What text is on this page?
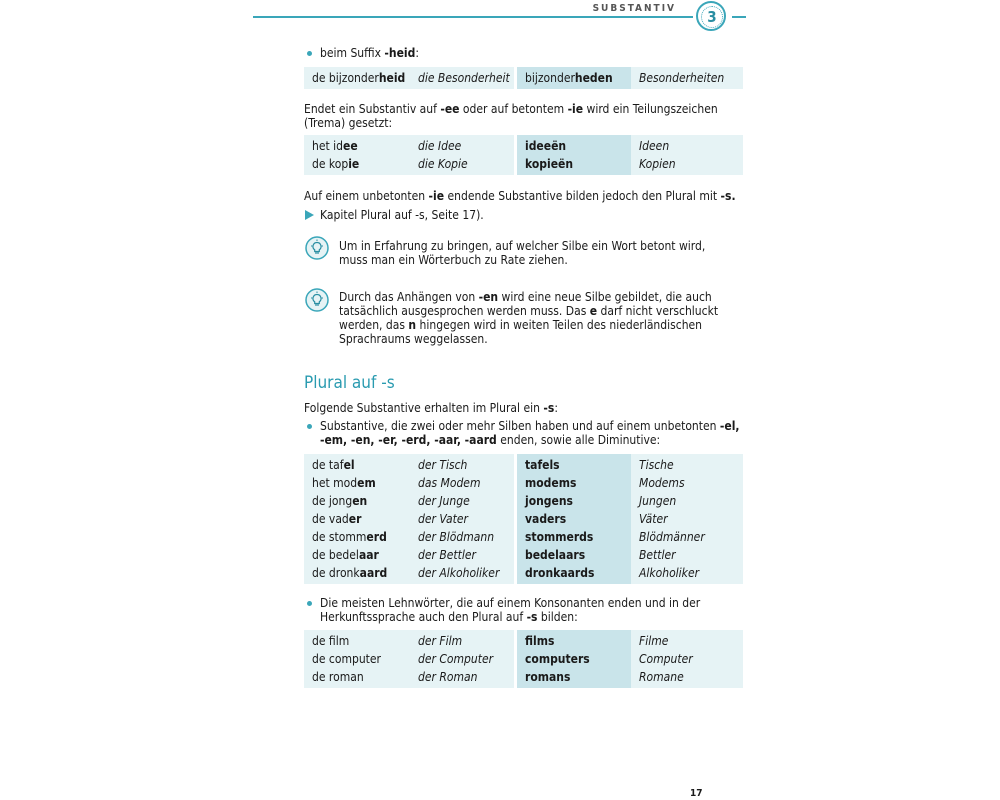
SUBSTANTIV	3
beim Suffix -heid:
de bijzonderheid	die Besonderheit	bijzonderheden	Besonderheiten
Endet ein Substantiv auf -ee oder auf betontem -ie wird ein Teilungszeichen
(Trema) gesetzt:
het idee	die Idee	ideeën	Ideen
de kopie	die Kopie	kopieën	Kopien
Auf einem unbetonten -ie endende Substantive bilden jedoch den Plural mit -s.
Kapitel Plural auf -s, Seite 17).
Um in Erfahrung zu bringen, auf welcher Silbe ein Wort betont wird,
muss man ein Wörterbuch zu Rate ziehen.
Durch das Anhängen von -en wird eine neue Silbe gebildet, die auch
tatsächlich ausgesprochen werden muss. Das e darf nicht verschluckt
werden, das n hingegen wird in weiten Teilen des niederländischen
Sprachraums weggelassen.
Plural auf -s
Folgende Substantive erhalten im Plural ein -s:
Substantive, die zwei oder mehr Silben haben und auf einem unbetonten -el,
-em, -en, -er, -erd, -aar, -aard enden, sowie alle Diminutive:
de tafel	der Tisch	tafels	Tische
het modem	das Modem	modems	Modems
de jongen	der Junge	jongens	Jungen
de vader	der Vater	vaders	Väter
de stommerd	der Blödmann	stommerds	Blödmänner
de bedelaar	der Bettler	bedelaars	Bettler
de dronkaard	der Alkoholiker	dronkaards	Alkoholiker
Die meisten Lehnwörter, die auf einem Konsonanten enden und in der
Herkunftssprache auch den Plural auf -s bilden:
de film	der Film	films	Filme
de computer	der Computer	computers	Computer
de roman	der Roman	romans	Romane
17
